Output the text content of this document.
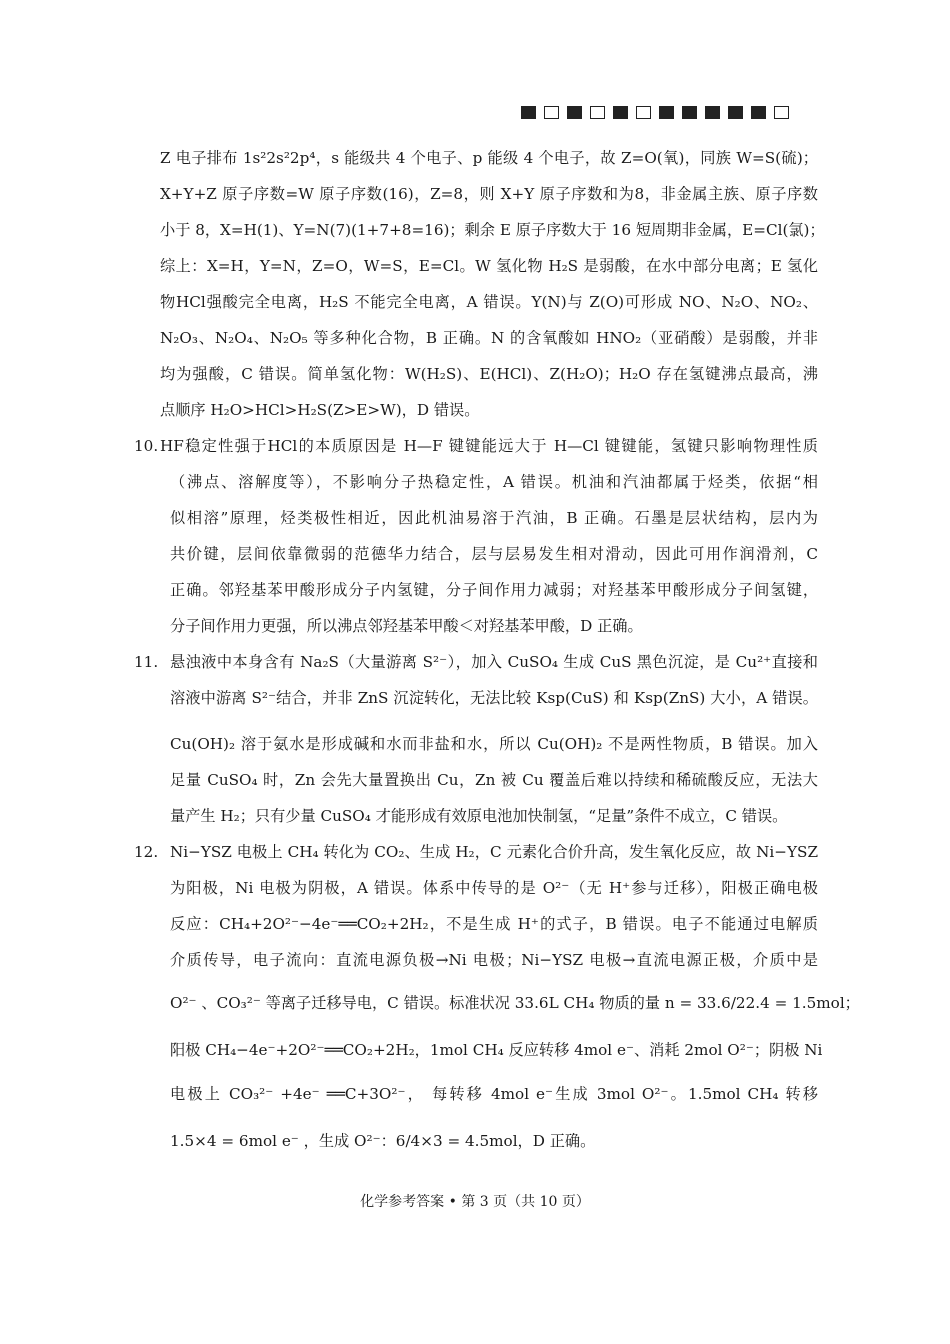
Z 电子排布 1s²2s²2p⁴，s 能级共 4 个电子、p 能级 4 个电子，故 Z=O(氧)，同族 W=S(硫)；
X+Y+Z 原子序数=W 原子序数(16)，Z=8，则 X+Y 原子序数和为8，非金属主族、原子序数
小于 8，X=H(1)、Y=N(7)(1+7+8=16)；剩余 E 原子序数大于 16 短周期非金属，E=Cl(氯)；
综上：X=H，Y=N，Z=O，W=S，E=Cl。W 氢化物 H₂S 是弱酸，在水中部分电离；E 氢化
物HCl强酸完全电离，H₂S 不能完全电离，A 错误。Y(N)与 Z(O)可形成 NO、N₂O、NO₂、
N₂O₃、N₂O₄、N₂O₅ 等多种化合物，B 正确。N 的含氧酸如 HNO₂（亚硝酸）是弱酸，并非
均为强酸，C 错误。简单氢化物：W(H₂S)、E(HCl)、Z(H₂O)；H₂O 存在氢键沸点最高，沸
点顺序 H₂O>HCl>H₂S(Z>E>W)，D 错误。
10. HF稳定性强于HCl的本质原因是 H—F 键键能远大于 H—Cl 键键能，氢键只影响物理性质
（沸点、溶解度等），不影响分子热稳定性，A 错误。机油和汽油都属于烃类，依据“相
似相溶”原理，烃类极性相近，因此机油易溶于汽油，B 正确。石墨是层状结构，层内为
共价键，层间依靠微弱的范德华力结合，层与层易发生相对滑动，因此可用作润滑剂，C
正确。邻羟基苯甲酸形成分子内氢键，分子间作用力减弱；对羟基苯甲酸形成分子间氢键，
分子间作用力更强，所以沸点邻羟基苯甲酸＜对羟基苯甲酸，D 正确。
11. 悬浊液中本身含有 Na₂S（大量游离 S²⁻），加入 CuSO₄ 生成 CuS 黑色沉淀，是 Cu²⁺直接和
溶液中游离 S²⁻结合，并非 ZnS 沉淀转化，无法比较 Ksp(CuS) 和 Ksp(ZnS) 大小，A 错误。
Cu(OH)₂ 溶于氨水是形成碱和水而非盐和水，所以 Cu(OH)₂ 不是两性物质，B 错误。加入
足量 CuSO₄ 时，Zn 会先大量置换出 Cu，Zn 被 Cu 覆盖后难以持续和稀硫酸反应，无法大
量产生 H₂；只有少量 CuSO₄ 才能形成有效原电池加快制氢，“足量”条件不成立，C 错误。
12. Ni−YSZ 电极上 CH₄ 转化为 CO₂、生成 H₂，C 元素化合价升高，发生氧化反应，故 Ni−YSZ
为阳极，Ni 电极为阴极，A 错误。体系中传导的是 O²⁻（无 H⁺参与迁移），阳极正确电极
反应：CH₄+2O²⁻−4e⁻══CO₂+2H₂，不是生成 H⁺的式子，B 错误。电子不能通过电解质
介质传导，电子流向：直流电源负极→Ni 电极；Ni−YSZ 电极→直流电源正极，介质中是
O²⁻ 、CO₃²⁻ 等离子迁移导电，C 错误。标准状况 33.6L CH₄ 物质的量 n = 33.6/22.4 = 1.5mol；
阳极 CH₄−4e⁻+2O²⁻══CO₂+2H₂，1mol CH₄ 反应转移 4mol e⁻、消耗 2mol O²⁻；阴极 Ni
电极上 CO₃²⁻ +4e⁻ ══C+3O²⁻， 每转移 4mol e⁻生成 3mol O²⁻。1.5mol CH₄ 转移
1.5×4 = 6mol e⁻ ，生成 O²⁻：6/4×3 = 4.5mol，D 正确。
化学参考答案 • 第 3 页（共 10 页）
